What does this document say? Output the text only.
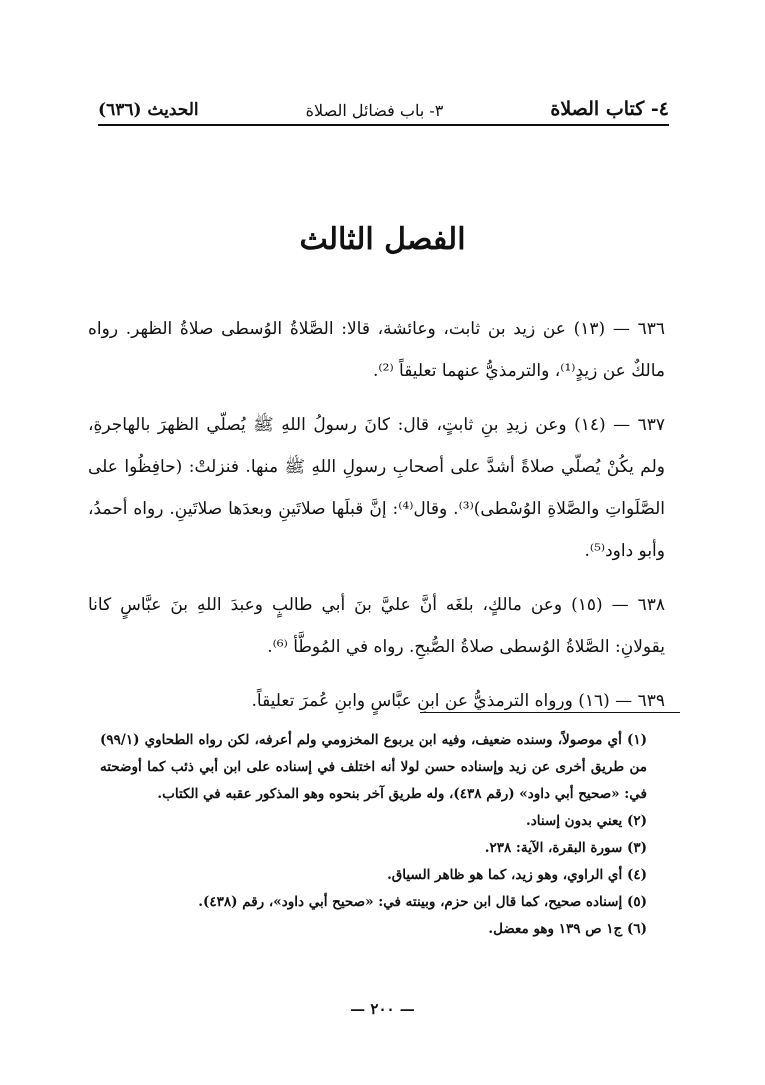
٤- كتاب الصلاة
٣- باب فضائل الصلاة
الحديث (٦٣٦)
الفصل الثالث

٦٣٦ — (١٣) عن زيد بن ثابت، وعائشة، قالا: الصَّلاةُ الوُسطى صلاةُ الظهر. رواه مالكٌ عن زيدٍ⁽¹⁾، والترمذيُّ عنهما تعليقاً ⁽²⁾.

٦٣٧ — (١٤) وعن زيدِ بنِ ثابتٍ، قال: كانَ رسولُ اللهِ ﷺ يُصلّي الظهرَ بالهاجرةِ، ولم يكُنْ يُصلّي صلاةً أشدَّ على أصحابِ رسولِ اللهِ ﷺ منها. فنزلتْ: (حافِظُوا على الصَّلَواتِ والصَّلاةِ الوُسْطى)⁽³⁾. وقال⁽⁴⁾: إنَّ قبلَها صلاتَينِ وبعدَها صلاتَينِ. رواه أحمدُ، وأبو داود⁽⁵⁾.

٦٣٨ — (١٥) وعن مالكٍ، بلغَه أنَّ عليَّ بنَ أبي طالبٍ وعبدَ اللهِ بنَ عبَّاسٍ كانا يقولانِ: الصَّلاةُ الوُسطى صلاةُ الصُّبحِ. رواه في المُوطَّأ ⁽⁶⁾.

٦٣٩ — (١٦) ورواه الترمذيُّ عن ابنِ عبَّاسٍ وابنِ عُمرَ تعليقاً.

(١) أي موصولاً، وسنده ضعيف، وفيه ابن يربوع المخزومي ولم أعرفه، لكن رواه الطحاوي (٩٩/١) من طريق أخرى عن زيد وإسناده حسن لولا أنه اختلف في إسناده على ابن أبي ذئب كما أوضحته في: «صحيح أبي داود» (رقم ٤٣٨)، وله طريق آخر بنحوه وهو المذكور عقبه في الكتاب.

(٢) يعني بدون إسناد.

(٣) سورة البقرة، الآية: ٢٣٨.

(٤) أي الراوي، وهو زيد، كما هو ظاهر السياق.

(٥) إسناده صحيح، كما قال ابن حزم، وبينته في: «صحيح أبي داود»، رقم (٤٣٨).

(٦) ج١ ص ١٣٩ وهو معضل.

— ٢٠٠ —
